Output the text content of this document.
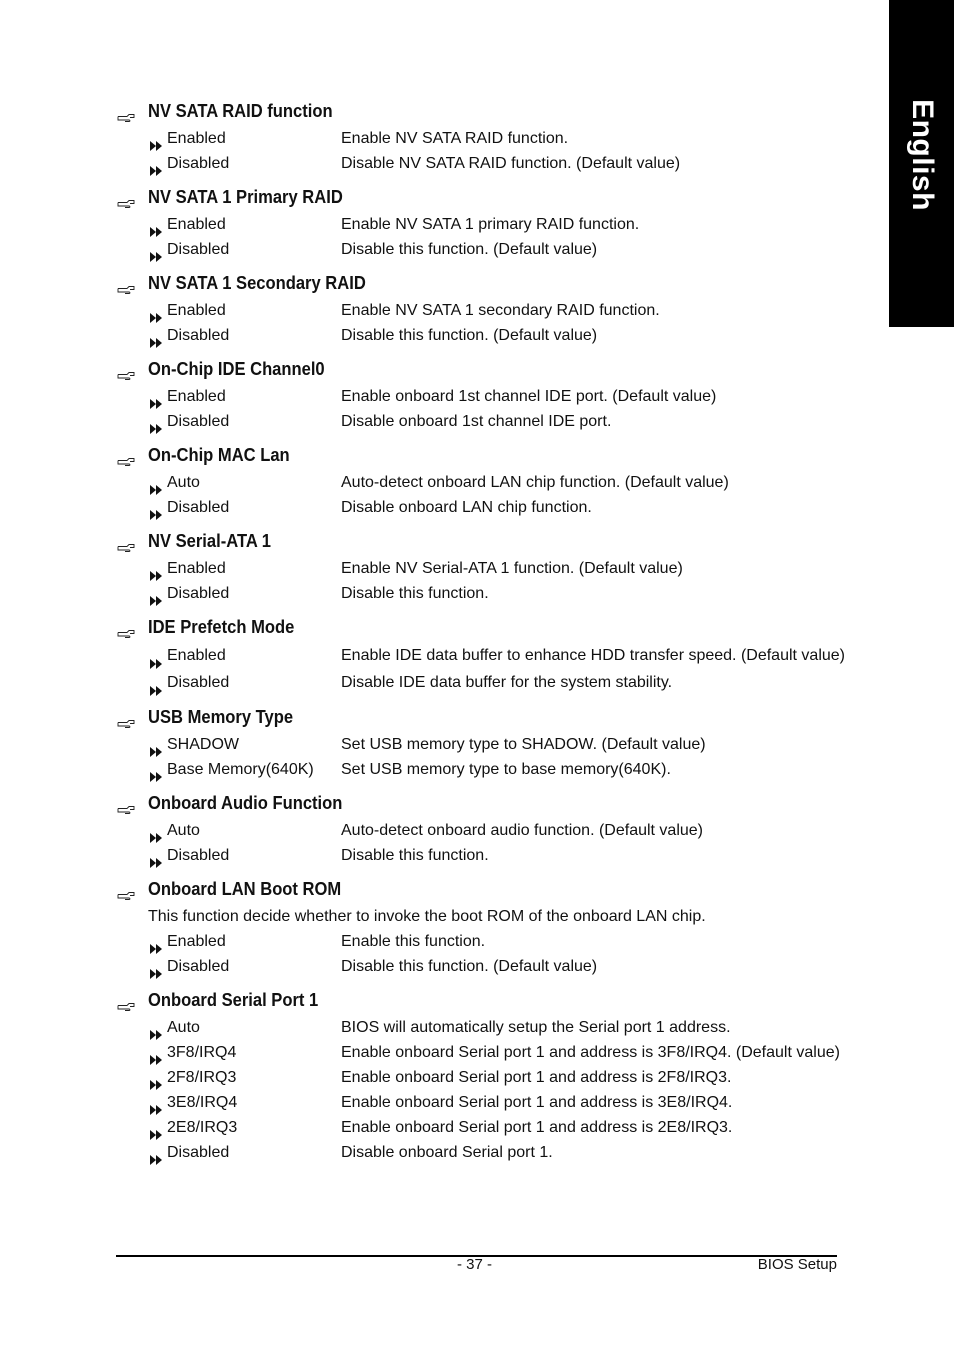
English
NV SATA RAID function
Enabled	Enable NV SATA RAID function.
Disabled	Disable NV SATA RAID function. (Default value)
NV SATA 1 Primary RAID
Enabled	Enable NV SATA 1 primary RAID function.
Disabled	Disable this function. (Default value)
NV SATA 1 Secondary RAID
Enabled	Enable NV SATA 1 secondary RAID function.
Disabled	Disable this function. (Default value)
On-Chip IDE Channel0
Enabled	Enable onboard 1st channel IDE port. (Default value)
Disabled	Disable onboard 1st channel IDE port.
On-Chip MAC Lan
Auto	Auto-detect onboard LAN chip function. (Default value)
Disabled	Disable onboard LAN chip function.
NV Serial-ATA 1
Enabled	Enable NV Serial-ATA 1 function. (Default value)
Disabled	Disable this function.
IDE Prefetch Mode
Enabled	Enable IDE data buffer to enhance HDD transfer speed. (Default value)
Disabled	Disable IDE data buffer for the system stability.
USB Memory Type
SHADOW	Set USB memory type to SHADOW. (Default value)
Base Memory(640K) Set USB memory type to base memory(640K).
Onboard Audio Function
Auto	Auto-detect onboard audio function. (Default value)
Disabled	Disable this function.
Onboard LAN Boot ROM
This function decide whether to invoke the boot ROM of the onboard LAN chip.
Enabled	Enable this function.
Disabled	Disable this function. (Default value)
Onboard Serial Port 1
Auto	BIOS will automatically setup the Serial port 1 address.
3F8/IRQ4	Enable onboard Serial port 1 and address is 3F8/IRQ4. (Default value)
2F8/IRQ3	Enable onboard Serial port 1 and address is 2F8/IRQ3.
3E8/IRQ4	Enable onboard Serial port 1 and address is 3E8/IRQ4.
2E8/IRQ3	Enable onboard Serial port 1 and address is 2E8/IRQ3.
Disabled	Disable onboard Serial port 1.
- 37 -	BIOS Setup
